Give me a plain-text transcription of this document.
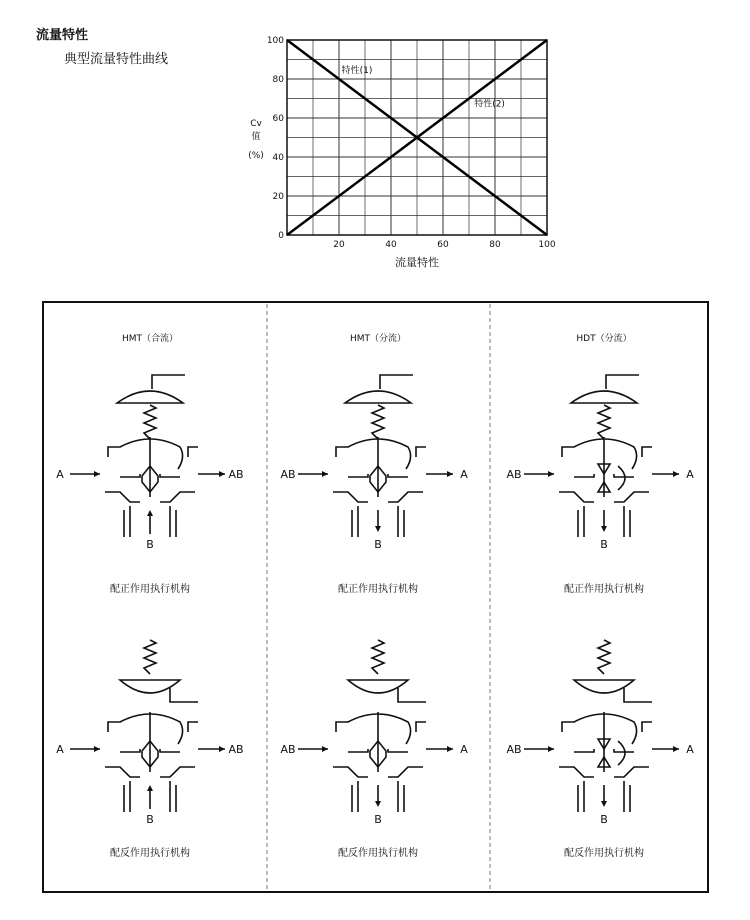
流量特性
典型流量特性曲线
20	40	60	80	100
0
20
40
60
80
100
Cv
值
(%)
流量特性
特性(1)
特性(2)
HMT（合流）
A	AB
B
配正作用执行机构
A	AB
B
配反作用执行机构
HMT（分流）
AB	A
B
配正作用执行机构
AB	A
B
配反作用执行机构
HDT（分流）
AB	A
B
配正作用执行机构
AB	A
B
配反作用执行机构
